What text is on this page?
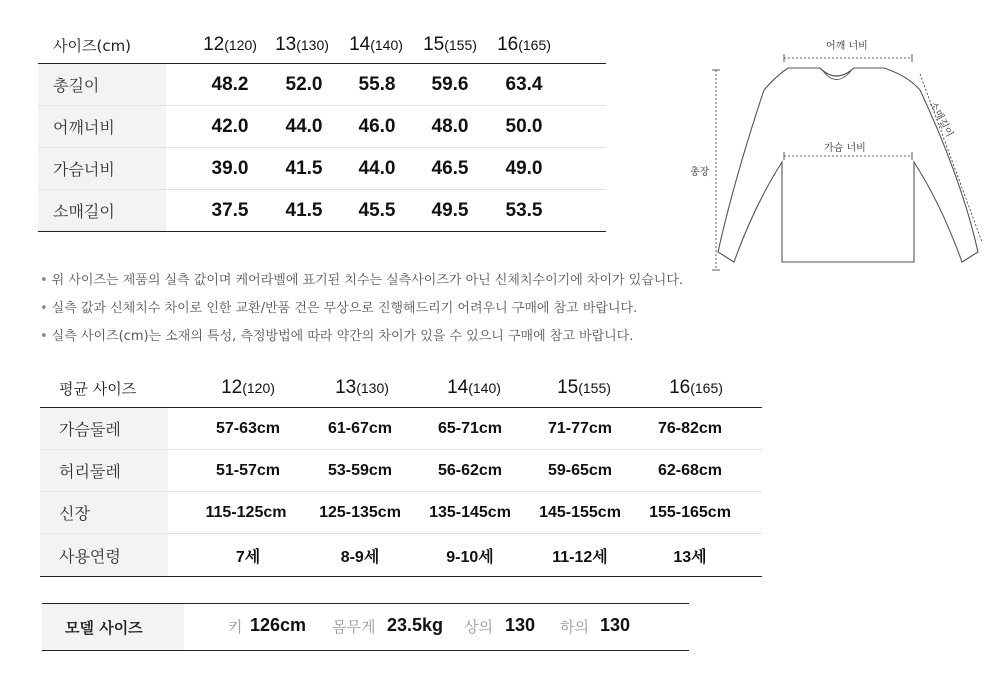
사이즈(cm)	12 (120) 13 (130) 14 (140) 15 (155) 16 (165)
총길이	48.2	52.0	55.8	59.6	63.4
어깨너비	42.0	44.0	46.0	48.0	50.0
가슴너비	39.0	41.5	44.0	46.5	49.0
소매길이	37.5	41.5	45.5	49.5	53.5
어깨 너비
가슴 너비
총장
소매길이
• 위 사이즈는 제품의 실측 값이며 케어라벨에 표기된 치수는 실측사이즈가 아닌 신체치수이기에 차이가 있습니다.
• 실측 값과 신체치수 차이로 인한 교환/반품 건은 무상으로 진행해드리기 어려우니 구매에 참고 바랍니다.
• 실측 사이즈(cm)는 소재의 특성, 측정방법에 따라 약간의 차이가 있을 수 있으니 구매에 참고 바랍니다.
평균 사이즈	12 (120)	13 (130)	14 (140)	15 (155)	16 (165)
가슴둘레	57-63cm	61-67cm	65-71cm	71-77cm	76-82cm
허리둘레	51-57cm	53-59cm	56-62cm	59-65cm	62-68cm
신장	115-125cm	125-135cm	135-145cm	145-155cm	155-165cm
사용연령	7세	8-9세	9-10세	11-12세	13세
모델 사이즈	키 126cm 몸무게 23.5kg 상의 130 하의 130
